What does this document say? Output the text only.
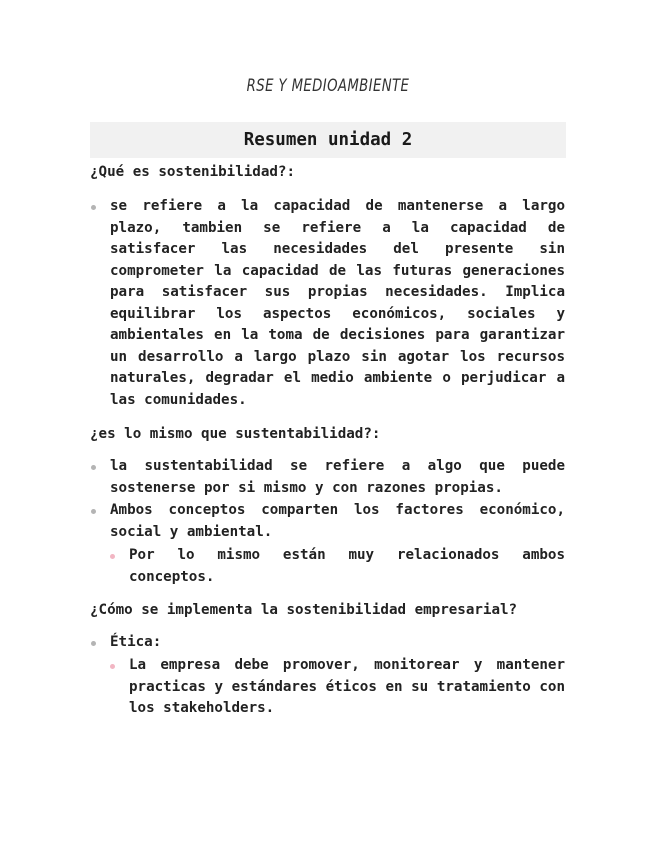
RSE Y MEDIOAMBIENTE
Resumen unidad 2
¿Qué es sostenibilidad?:
se refiere a la capacidad de mantenerse a largo plazo, tambien se refiere a la capacidad de satisfacer las necesidades del presente sin comprometer la capacidad de las futuras generaciones para satisfacer sus propias necesidades. Implica equilibrar los aspectos económicos, sociales y ambientales en la toma de decisiones para garantizar un desarrollo a largo plazo sin agotar los recursos naturales, degradar el medio ambiente o perjudicar a las comunidades.
¿es lo mismo que sustentabilidad?:
la sustentabilidad se refiere a algo que puede sostenerse por si mismo y con razones propias.
Ambos conceptos comparten los factores económico, social y ambiental.
Por lo mismo están muy relacionados ambos conceptos.
¿Cómo se implementa la sostenibilidad empresarial?
Ética:
La empresa debe promover, monitorear y mantener practicas y estándares éticos en su tratamiento con los stakeholders.
